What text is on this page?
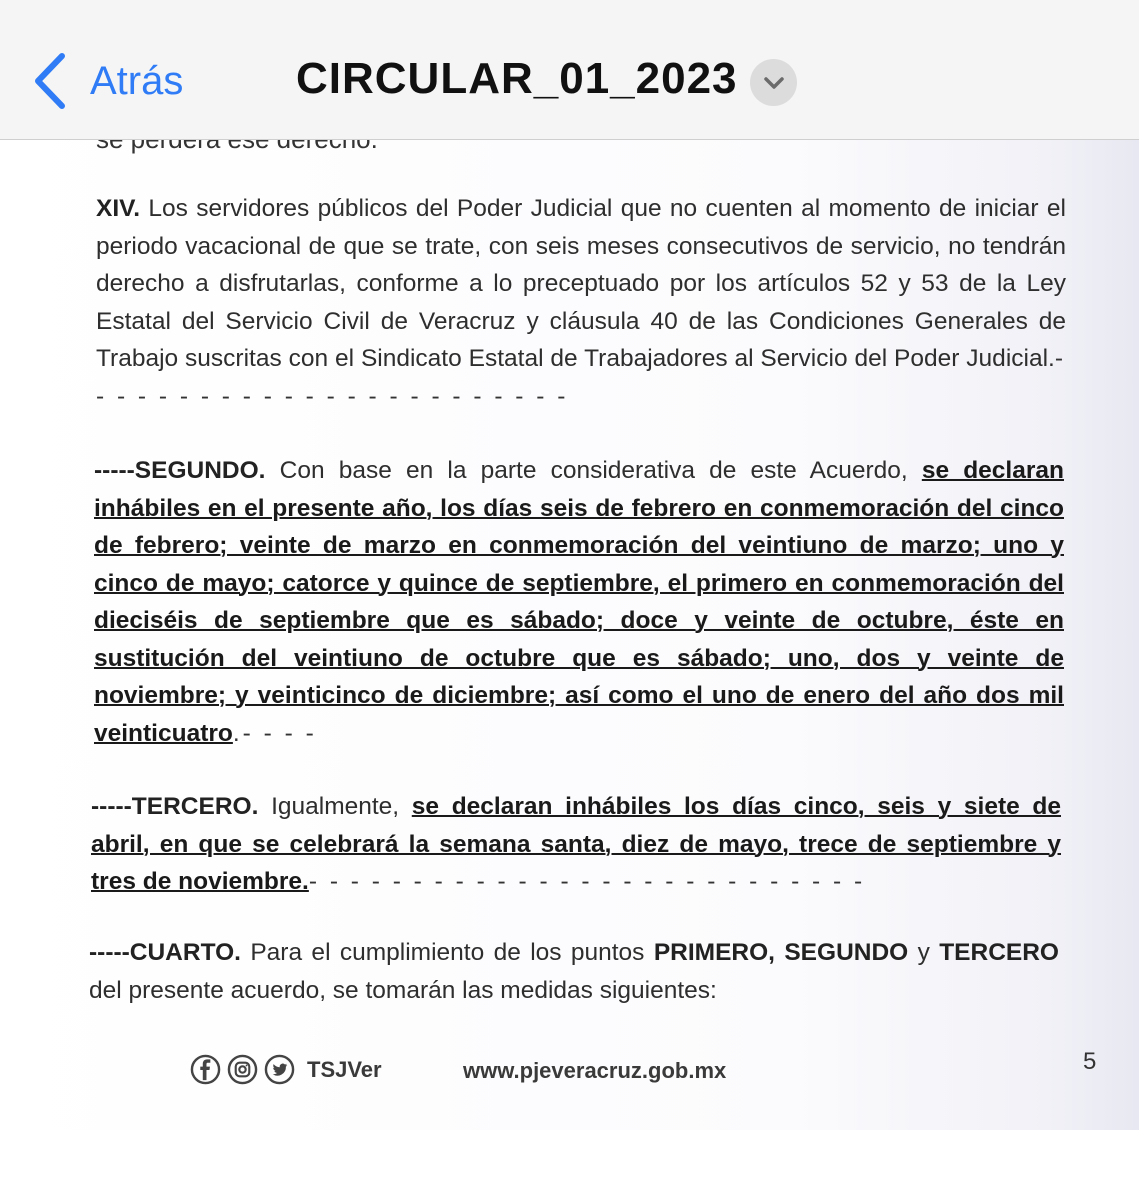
Atrás	CIRCULAR_01_2023

XIV. Los servidores públicos del Poder Judicial que no cuenten al momento de iniciar el periodo vacacional de que se trate, con seis meses consecutivos de servicio, no tendrán derecho a disfrutarlas, conforme a lo preceptuado por los artículos 52 y 53 de la Ley Estatal del Servicio Civil de Veracruz y cláusula 40 de las Condiciones Generales de Trabajo suscritas con el Sindicato Estatal de Trabajadores al Servicio del Poder Judicial.- - - - - - - - - - - - - - - - - - - - - - - -

-----SEGUNDO. Con base en la parte considerativa de este Acuerdo, se declaran inhábiles en el presente año, los días seis de febrero en conmemoración del cinco de febrero; veinte de marzo en conmemoración del veintiuno de marzo; uno y cinco de mayo; catorce y quince de septiembre, el primero en conmemoración del dieciséis de septiembre que es sábado; doce y veinte de octubre, éste en sustitución del veintiuno de octubre que es sábado; uno, dos y veinte de noviembre; y veinticinco de diciembre; así como el uno de enero del año dos mil veinticuatro.- - - -

-----TERCERO. Igualmente, se declaran inhábiles los días cinco, seis y siete de abril, en que se celebrará la semana santa, diez de mayo, trece de septiembre y tres de noviembre.- - - - - - - - - - - - - - - - - - - - - - - - - - -

-----CUARTO. Para el cumplimiento de los puntos PRIMERO, SEGUNDO y TERCERO del presente acuerdo, se tomarán las medidas siguientes:

TSJVer	www.pjeveracruz.gob.mx	5
